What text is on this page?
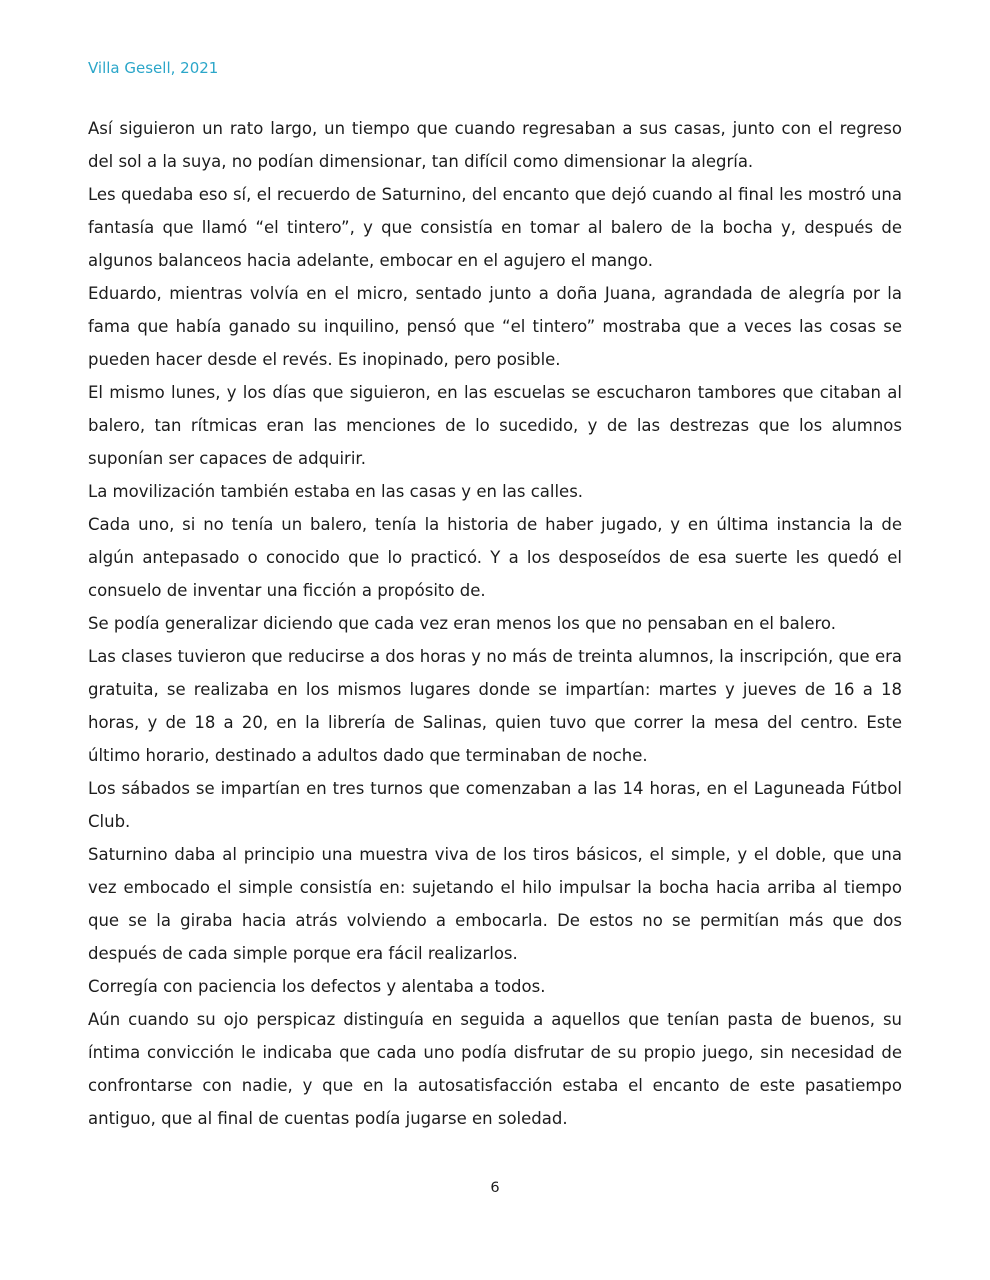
Villa Gesell, 2021

Así siguieron un rato largo, un tiempo que cuando regresaban a sus casas, junto con el regreso del sol a la suya, no podían dimensionar, tan difícil como dimensionar la alegría.

Les quedaba eso sí, el recuerdo de Saturnino, del encanto que dejó cuando al final les mostró una fantasía que llamó “el tintero”, y que consistía en tomar al balero de la bocha y, después de algunos balanceos hacia adelante, embocar en el agujero el mango.

Eduardo, mientras volvía en el micro, sentado junto a doña Juana, agrandada de alegría por la fama que había ganado su inquilino, pensó que “el tintero” mostraba que a veces las cosas se pueden hacer desde el revés. Es inopinado, pero posible.

El mismo lunes, y los días que siguieron, en las escuelas se escucharon tambores que citaban al balero, tan rítmicas eran las menciones de lo sucedido, y de las destrezas que los alumnos suponían ser capaces de adquirir.

La movilización también estaba en las casas y en las calles.

Cada uno, si no tenía un balero, tenía la historia de haber jugado, y en última instancia la de algún antepasado o conocido que lo practicó. Y a los desposeídos de esa suerte les quedó el consuelo de inventar una ficción a propósito de.

Se podía generalizar diciendo que cada vez eran menos los que no pensaban en el balero.

Las clases tuvieron que reducirse a dos horas y no más de treinta alumnos, la inscripción, que era gratuita, se realizaba en los mismos lugares donde se impartían: martes y jueves de 16 a 18 horas, y de 18 a 20, en la librería de Salinas, quien tuvo que correr la mesa del centro. Este último horario, destinado a adultos dado que terminaban de noche.

Los sábados se impartían en tres turnos que comenzaban a las 14 horas, en el Laguneada Fútbol Club.

Saturnino daba al principio una muestra viva de los tiros básicos, el simple, y el doble, que una vez embocado el simple consistía en: sujetando el hilo impulsar la bocha hacia arriba al tiempo que se la giraba hacia atrás volviendo a embocarla. De estos no se permitían más que dos después de cada simple porque era fácil realizarlos.

Corregía con paciencia los defectos y alentaba a todos.

Aún cuando su ojo perspicaz distinguía en seguida a aquellos que tenían pasta de buenos, su íntima convicción le indicaba que cada uno podía disfrutar de su propio juego, sin necesidad de confrontarse con nadie, y que en la autosatisfacción estaba el encanto de este pasatiempo antiguo, que al final de cuentas podía jugarse en soledad.

6
